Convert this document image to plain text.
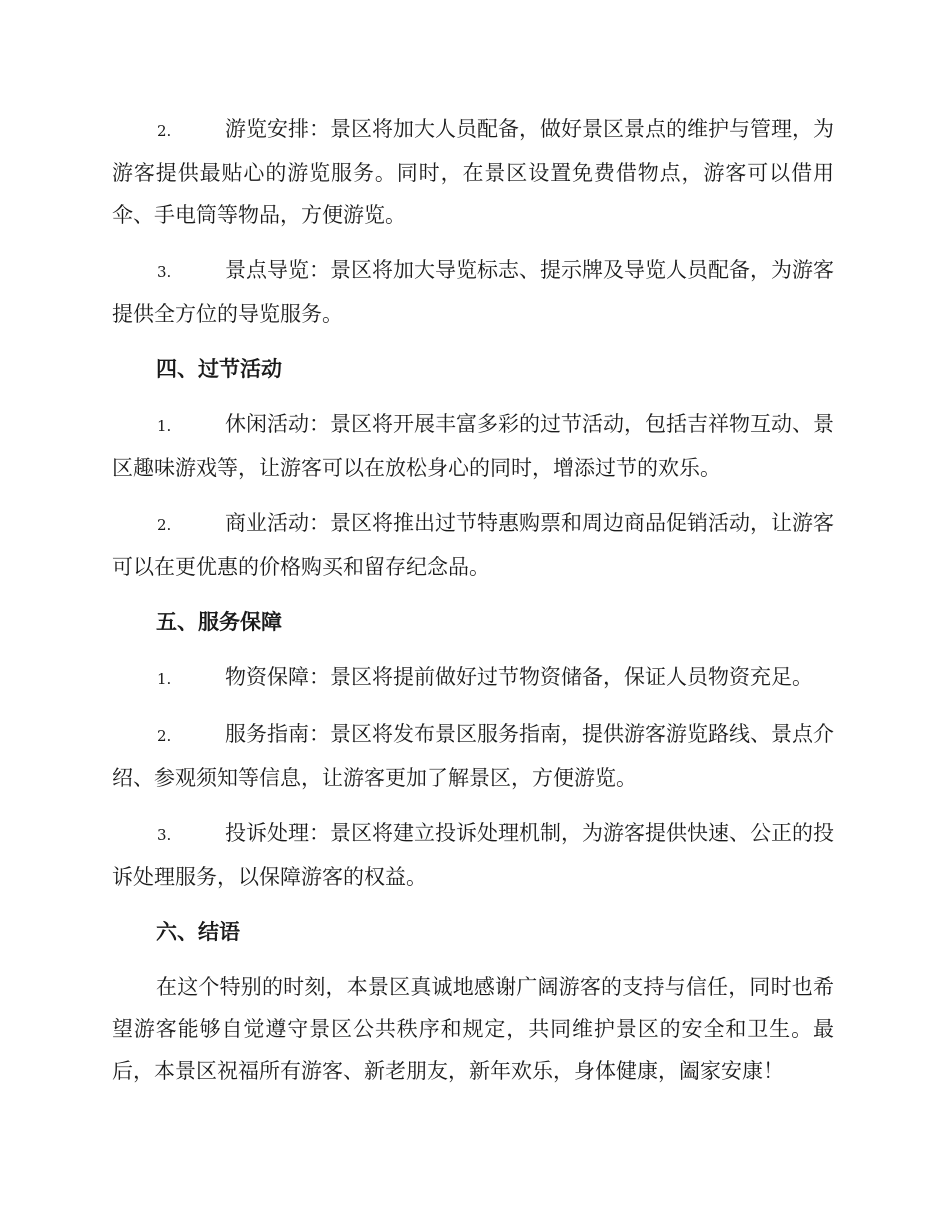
2.	游览安排：景区将加大人员配备，做好景区景点的维护与管理，为游客提供最贴心的游览服务。同时，在景区设置免费借物点，游客可以借用伞、手电筒等物品，方便游览。

3.	景点导览：景区将加大导览标志、提示牌及导览人员配备，为游客提供全方位的导览服务。

四、过节活动

1.	休闲活动：景区将开展丰富多彩的过节活动，包括吉祥物互动、景区趣味游戏等，让游客可以在放松身心的同时，增添过节的欢乐。

2.	商业活动：景区将推出过节特惠购票和周边商品促销活动，让游客可以在更优惠的价格购买和留存纪念品。

五、服务保障

1.	物资保障：景区将提前做好过节物资储备，保证人员物资充足。

2.	服务指南：景区将发布景区服务指南，提供游客游览路线、景点介绍、参观须知等信息，让游客更加了解景区，方便游览。

3.	投诉处理：景区将建立投诉处理机制，为游客提供快速、公正的投诉处理服务，以保障游客的权益。

六、结语

在这个特别的时刻，本景区真诚地感谢广阔游客的支持与信任，同时也希望游客能够自觉遵守景区公共秩序和规定，共同维护景区的安全和卫生。最后，本景区祝福所有游客、新老朋友，新年欢乐，身体健康，阖家安康！
